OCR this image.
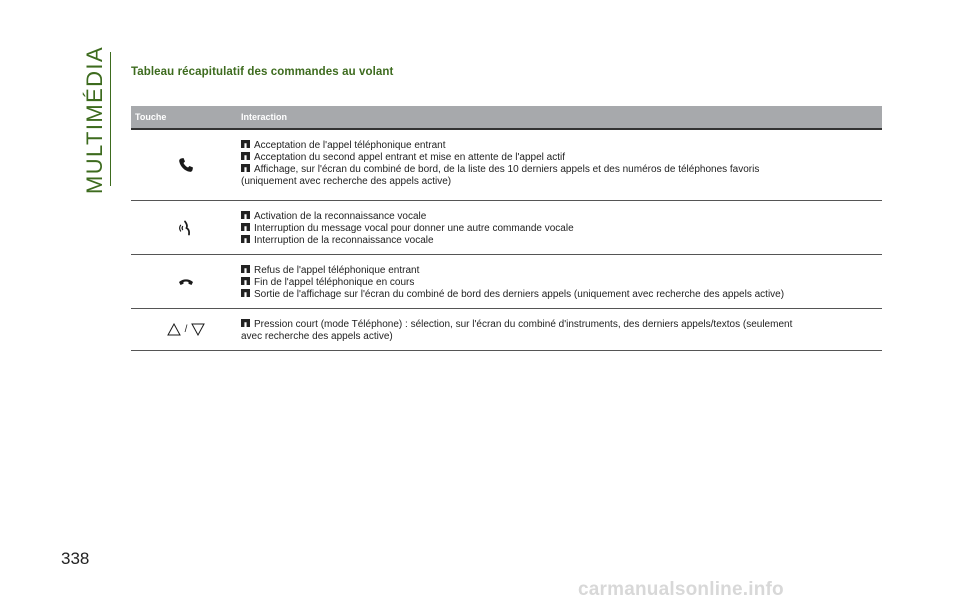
MULTIMÉDIA Tableau récapitulatif des commandes au volant
Touche	Interaction
Acceptation de l'appel téléphonique entrant
Acceptation du second appel entrant et mise en attente de l'appel actif
Affichage, sur l'écran du combiné de bord, de la liste des 10 derniers appels et des numéros de téléphones favoris
(uniquement avec recherche des appels active)
Activation de la reconnaissance vocale
Interruption du message vocal pour donner une autre commande vocale
Interruption de la reconnaissance vocale
Refus de l'appel téléphonique entrant
Fin de l'appel téléphonique en cours
Sortie de l'affichage sur l'écran du combiné de bord des derniers appels (uniquement avec recherche des appels active)
/	Pression court (mode Téléphone) : sélection, sur l'écran du combiné d'instruments, des derniers appels/textos (seulement
avec recherche des appels active)
338
carmanualsonline.info
